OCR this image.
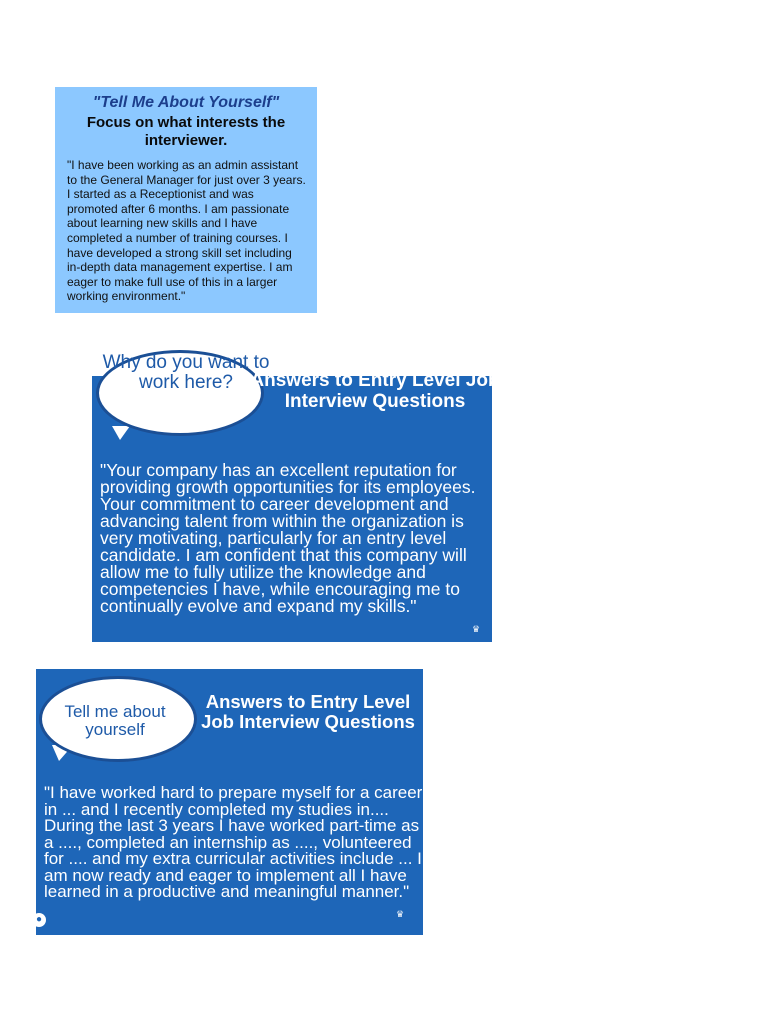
"Tell Me About Yourself"

Focus on what interests the interviewer.

"I have been working as an admin assistant to the General Manager for just over 3 years. I started as a Receptionist and was promoted after 6 months. I am passionate about learning new skills and I have completed a number of training courses. I have developed a strong skill set including in-depth data management expertise. I am eager to make full use of this in a larger working environment."

Why do you want to work here? Answers to Entry Level Job Interview Questions

"Your company has an excellent reputation for providing growth opportunities for its employees. Your commitment to career development and advancing talent from within the organization is very motivating, particularly for an entry level candidate. I am confident that this company will allow me to fully utilize the knowledge and competencies I have, while encouraging me to continually evolve and expand my skills."

♛
Tell me about yourself
Answers to Entry Level Job Interview Questions

"I have worked hard to prepare myself for a career in ... and I recently completed my studies in.... During the last 3 years I have worked part-time as a ...., completed an internship as ...., volunteered for .... and my extra curricular activities include ... I am now ready and eager to implement all I have learned in a productive and meaningful manner."

●	♛
